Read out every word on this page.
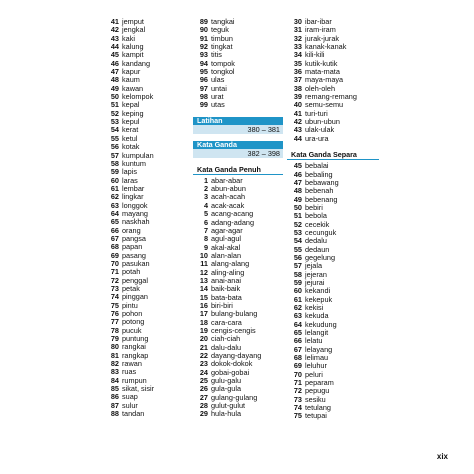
41 jemput
42 jengkal
43 kaki
44 kalung
45 kampit
46 kandang
47 kapur
48 kaum
49 kawan
50 kelompok
51 kepal
52 keping
53 kepul
54 kerat
55 ketul
56 kotak
57 kumpulan
58 kuntum
59 lapis
60 laras
61 lembar
62 lingkar
63 longgok
64 mayang
65 naskhah
66 orang
67 pangsa
68 papan
69 pasang
70 pasukan
71 potah
72 penggal
73 petak
74 pinggan
75 pintu
76 pohon
77 potong
78 pucuk
79 puntung
80 rangkai
81 rangkap
82 rawan
83 ruas
84 rumpun
85 sikat, sisir
86 suap
87 sulur
88 tandan
89 tangkai
90 teguk
91 timbun
92 tingkat
93 titis
94 tompok
95 tongkol
96 ulas
97 untai
98 urat
99 utas
Latihan
380 – 381
Kata Ganda
382 – 398
Kata Ganda Penuh
1 abar-abar
2 abun-abun
3 acah-acah
4 acak-acak
5 acang-acang
6 adang-adang
7 agar-agar
8 agul-agul
9 akal-akal
10 alan-alan
11 alang-alang
12 aling-aling
13 anai-anai
14 baik-baik
15 bata-bata
16 biri-biri
17 bulang-bulang
18 cara-cara
19 cengis-cengis
20 ciah-ciah
21 dalu-dalu
22 dayang-dayang
23 dokok-dokok
24 gobai-gobai
25 gulu-galu
26 gula-gula
27 gulang-gulang
28 gulut-gulut
29 hula-hula
30 ibar-ibar
31 iram-iram
32 jurak-jurak
33 kanak-kanak
34 kili-kili
35 kutik-kutik
36 mata-mata
37 maya-maya
38 oleh-oleh
39 remang-remang
40 semu-semu
41 turi-turi
42 ubun-ubun
43 ulak-ulak
44 ura-ura
Kata Ganda Separa
45 bebalai
46 bebaling
47 bebawang
48 bebenah
49 bebenang
50 bebiri
51 bebola
52 cecekik
53 cecunguk
54 dedalu
55 dedaun
56 gegelung
57 jejala
58 jejeran
59 jejurai
60 kekandi
61 kekepuk
62 kekisi
63 kekuda
64 kekudung
65 lelangit
66 lelatu
67 lelayang
68 lelimau
69 leluhur
70 peluri
71 peparam
72 pepugu
73 sesiku
74 tetulang
75 tetupai
xix
